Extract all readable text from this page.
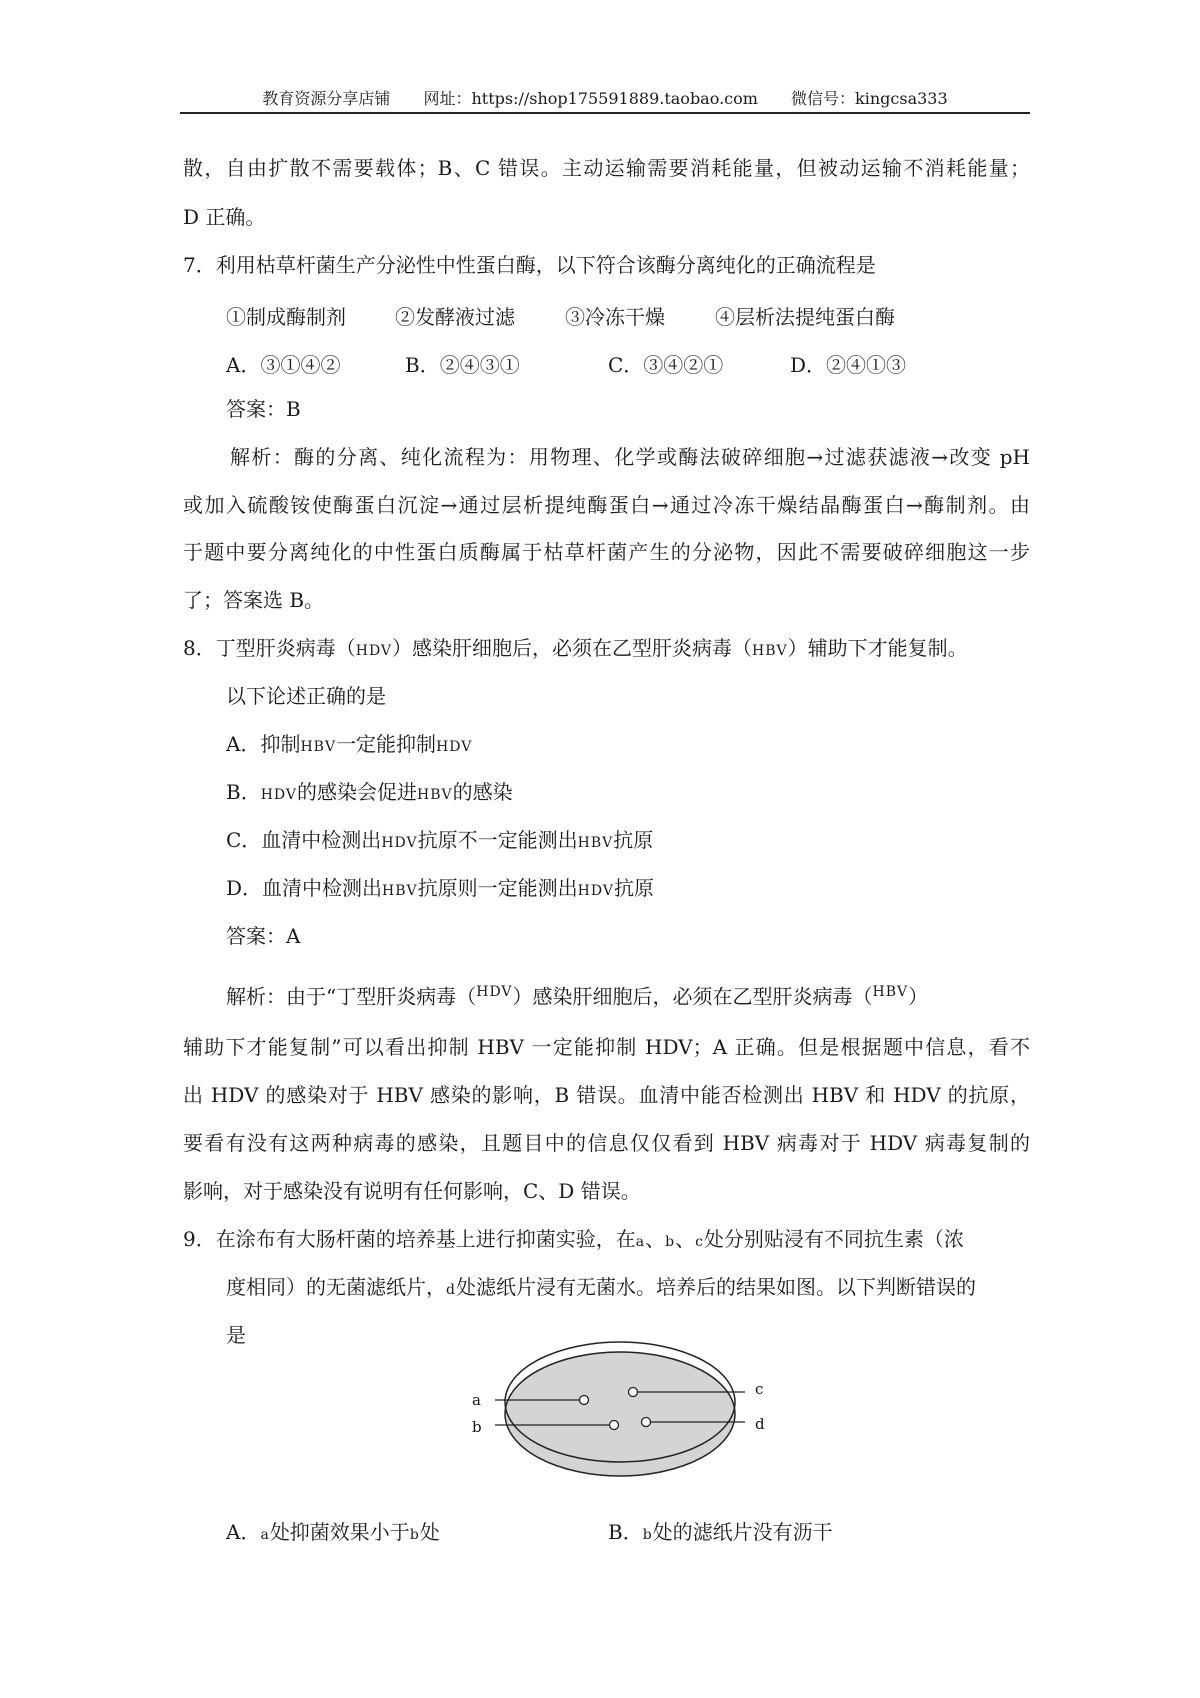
教育资源分享店铺 网址：https://shop175591889.taobao.com 微信号：kingcsa333
散，自由扩散不需要载体；B、C 错误。主动运输需要消耗能量，但被动运输不消耗能量；
D 正确。
7．利用枯草杆菌生产分泌性中性蛋白酶，以下符合该酶分离纯化的正确流程是
①制成酶制剂 ②发酵液过滤	③冷冻干燥	④层析法提纯蛋白酶
A．③①④②	B．②④③①	C．③④②①	D．②④①③
答案：B
解析：酶的分离、纯化流程为：用物理、化学或酶法破碎细胞→过滤获滤液→改变 pH
或加入硫酸铵使酶蛋白沉淀→通过层析提纯酶蛋白→通过冷冻干燥结晶酶蛋白→酶制剂。由
于题中要分离纯化的中性蛋白质酶属于枯草杆菌产生的分泌物，因此不需要破碎细胞这一步
了；答案选 B。
8．丁型肝炎病毒（HDV）感染肝细胞后，必须在乙型肝炎病毒（HBV）辅助下才能复制。
以下论述正确的是
A．抑制HBV一定能抑制HDV
B．HDV的感染会促进HBV的感染
C．血清中检测出HDV抗原不一定能测出HBV抗原
D．血清中检测出HBV抗原则一定能测出HDV抗原
答案：A
解析：由于“丁型肝炎病毒（$^{HDV}$）感染肝细胞后，必须在乙型肝炎病毒（$^{HBV}$）
辅助下才能复制”可以看出抑制 HBV 一定能抑制 HDV；A 正确。但是根据题中信息，看不
出 HDV 的感染对于 HBV 感染的影响，B 错误。血清中能否检测出 HBV 和 HDV 的抗原，
要看有没有这两种病毒的感染，且题目中的信息仅仅看到 HBV 病毒对于 HDV 病毒复制的
影响，对于感染没有说明有任何影响，C、D 错误。
9．在涂布有大肠杆菌的培养基上进行抑菌实验，在a、b、c处分别贴浸有不同抗生素（浓
度相同）的无菌滤纸片，d处滤纸片浸有无菌水。培养后的结果如图。以下判断错误的
是
a
b
c
d
A．a处抑菌效果小于b处	B．b处的滤纸片没有沥干
